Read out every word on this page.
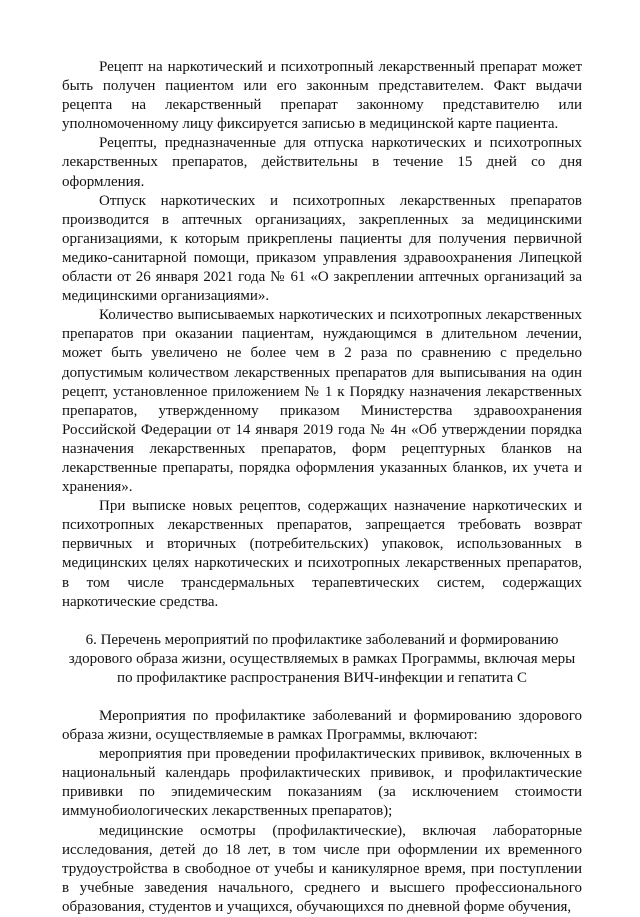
Рецепт на наркотический и психотропный лекарственный препарат может быть получен пациентом или его законным представителем. Факт выдачи рецепта на лекарственный препарат законному представителю или уполномоченному лицу фиксируется записью в медицинской карте пациента.

Рецепты, предназначенные для отпуска наркотических и психотропных лекарственных препаратов, действительны в течение 15 дней со дня оформления.

Отпуск наркотических и психотропных лекарственных препаратов производится в аптечных организациях, закрепленных за медицинскими организациями, к которым прикреплены пациенты для получения первичной медико-санитарной помощи, приказом управления здравоохранения Липецкой области от 26 января 2021 года № 61 «О закреплении аптечных организаций за медицинскими организациями».

Количество выписываемых наркотических и психотропных лекарственных препаратов при оказании пациентам, нуждающимся в длительном лечении, может быть увеличено не более чем в 2 раза по сравнению с предельно допустимым количеством лекарственных препаратов для выписывания на один рецепт, установленное приложением № 1 к Порядку назначения лекарственных препаратов, утвержденному приказом Министерства здравоохранения Российской Федерации от 14 января 2019 года № 4н «Об утверждении порядка назначения лекарственных препаратов, форм рецептурных бланков на лекарственные препараты, порядка оформления указанных бланков, их учета и хранения».

При выписке новых рецептов, содержащих назначение наркотических и психотропных лекарственных препаратов, запрещается требовать возврат первичных и вторичных (потребительских) упаковок, использованных в медицинских целях наркотических и психотропных лекарственных препаратов, в том числе трансдермальных терапевтических систем, содержащих наркотические средства.

6. Перечень мероприятий по профилактике заболеваний и формированию
здорового образа жизни, осуществляемых в рамках Программы, включая меры
по профилактике распространения ВИЧ-инфекции и гепатита С

Мероприятия по профилактике заболеваний и формированию здорового образа жизни, осуществляемые в рамках Программы, включают:

мероприятия при проведении профилактических прививок, включенных в национальный календарь профилактических прививок, и профилактические прививки по эпидемическим показаниям (за исключением стоимости иммунобиологических лекарственных препаратов);

медицинские осмотры (профилактические), включая лабораторные исследования, детей до 18 лет, в том числе при оформлении их временного трудоустройства в свободное от учебы и каникулярное время, при поступлении в учебные заведения начального, среднего и высшего профессионального образования, студентов и учащихся, обучающихся по дневной форме обучения,
